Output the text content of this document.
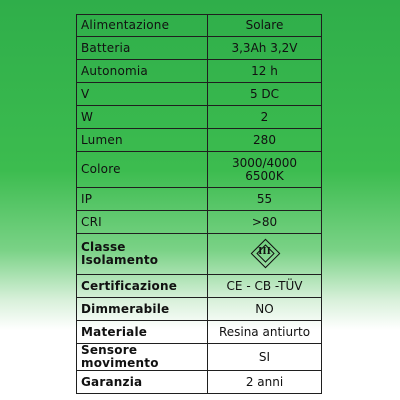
Alimentazione	Solare
Batteria	3,3Ah 3,2V
Autonomia	12 h
V	5 DC
W	2
Lumen	280
Colore	3000/4000
6500K

IP	55
CRI	>80
Classe Isolamento	III

Certificazione	CE - CB -TÜV
Dimmerabile	NO
Materiale	Resina antiurto
Sensore movimento	SI
Garanzia	2 anni
